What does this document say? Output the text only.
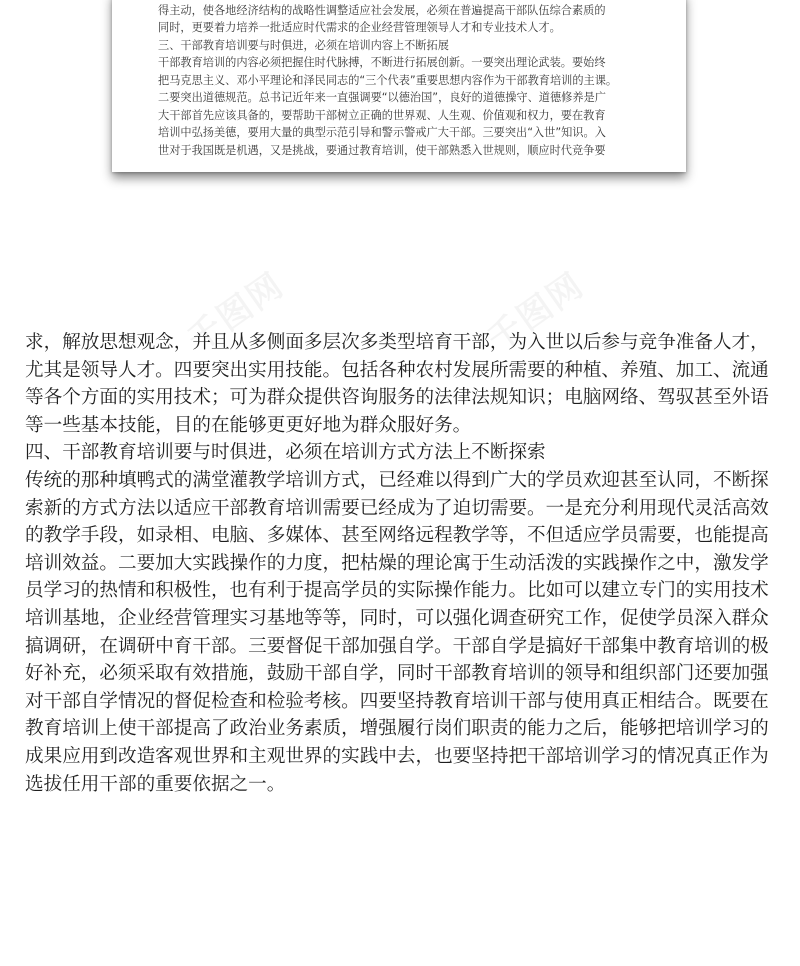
得主动，使各地经济结构的战略性调整适应社会发展，必须在普遍提高干部队伍综合素质的

同时，更要着力培养一批适应时代需求的企业经营管理领导人才和专业技术人才。

三、干部教育培训要与时俱进，必须在培训内容上不断拓展

干部教育培训的内容必须把握住时代脉搏，不断进行拓展创新。一要突出理论武装。要始终

把马克思主义、邓小平理论和泽民同志的“三个代表”重要思想内容作为干部教育培训的主课。

二要突出道德规范。总书记近年来一直强调要“以德治国”，良好的道德操守、道德修养是广

大干部首先应该具备的，要帮助干部树立正确的世界观、人生观、价值观和权力，要在教育

培训中弘扬美德，要用大量的典型示范引导和警示警戒广大干部。三要突出“入世”知识。入

世对于我国既是机遇，又是挑战，要通过教育培训，使干部熟悉入世规则，顺应时代竞争要

求，解放思想观念，并且从多侧面多层次多类型培育干部，为入世以后参与竞争准备人才，

尤其是领导人才。四要突出实用技能。包括各种农村发展所需要的种植、养殖、加工、流通

等各个方面的实用技术；可为群众提供咨询服务的法律法规知识；电脑网络、驾驭甚至外语

等一些基本技能，目的在能够更更好地为群众服好务。

四、干部教育培训要与时俱进，必须在培训方式方法上不断探索

传统的那种填鸭式的满堂灌教学培训方式，已经难以得到广大的学员欢迎甚至认同，不断探

索新的方式方法以适应干部教育培训需要已经成为了迫切需要。一是充分利用现代灵活高效

的教学手段，如录相、电脑、多媒体、甚至网络远程教学等，不但适应学员需要，也能提高

培训效益。二要加大实践操作的力度，把枯燥的理论寓于生动活泼的实践操作之中，激发学

员学习的热情和积极性，也有利于提高学员的实际操作能力。比如可以建立专门的实用技术

培训基地，企业经营管理实习基地等等，同时，可以强化调查研究工作，促使学员深入群众

搞调研，在调研中育干部。三要督促干部加强自学。干部自学是搞好干部集中教育培训的极

好补充，必须采取有效措施，鼓励干部自学，同时干部教育培训的领导和组织部门还要加强

对干部自学情况的督促检查和检验考核。四要坚持教育培训干部与使用真正相结合。既要在

教育培训上使干部提高了政治业务素质，增强履行岗们职责的能力之后，能够把培训学习的

成果应用到改造客观世界和主观世界的实践中去，也要坚持把干部培训学习的情况真正作为

选拔任用干部的重要依据之一。
